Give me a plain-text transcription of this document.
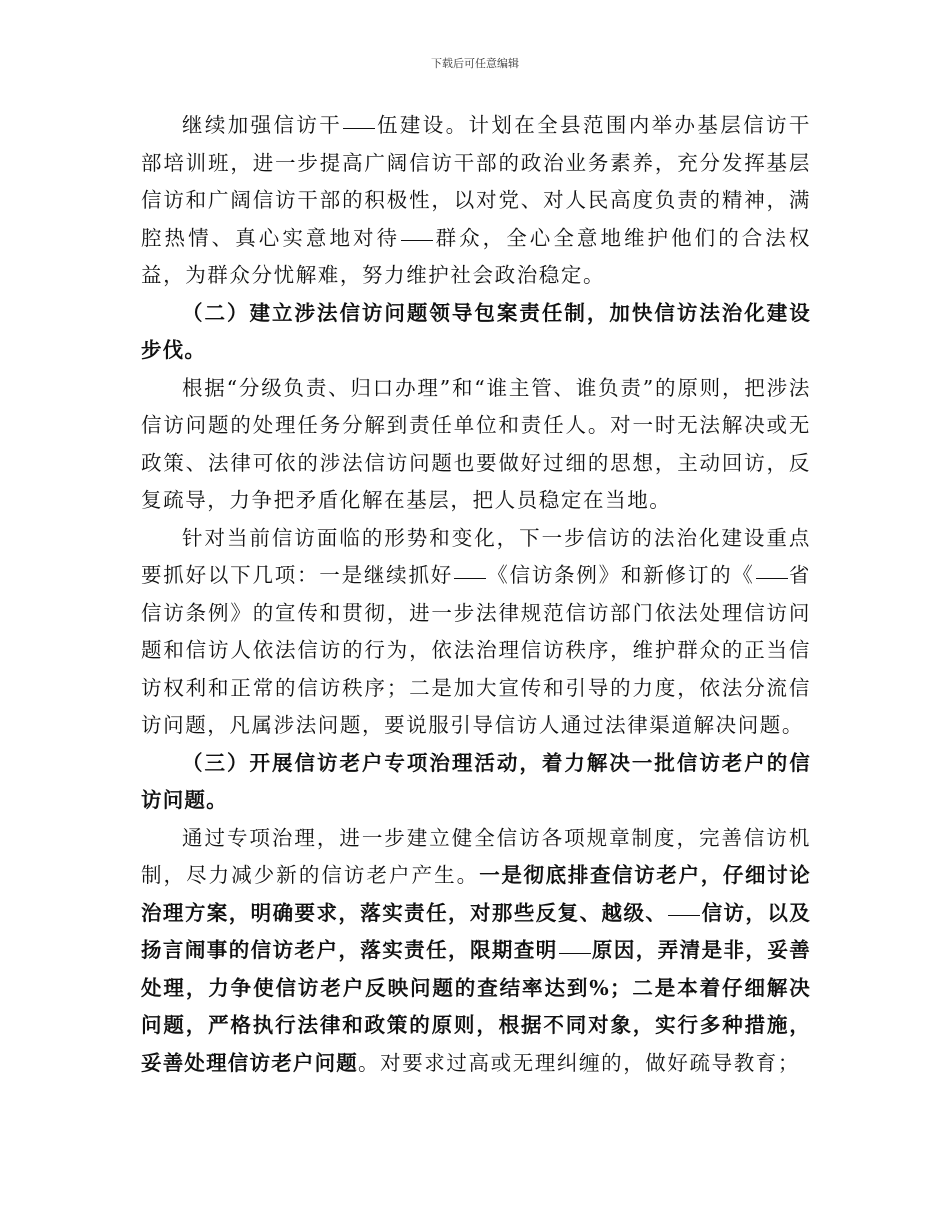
下载后可任意编辑

继续加强信访干 伍建设。计划在全县范围内举办基层信访干部培训班，进一步提高广阔信访干部的政治业务素养，充分发挥基层信访和广阔信访干部的积极性，以对党、对人民高度负责的精神，满腔热情、真心实意地对待 群众，全心全意地维护他们的合法权益，为群众分忧解难，努力维护社会政治稳定。

（二）建立涉法信访问题领导包案责任制，加快信访法治化建设步伐。

根据“分级负责、归口办理”和“谁主管、谁负责”的原则，把涉法信访问题的处理任务分解到责任单位和责任人。对一时无法解决或无政策、法律可依的涉法信访问题也要做好过细的思想，主动回访，反复疏导，力争把矛盾化解在基层，把人员稳定在当地。

针对当前信访面临的形势和变化，下一步信访的法治化建设重点要抓好以下几项：一是继续抓好 《信访条例》和新修订的《 省信访条例》的宣传和贯彻，进一步法律规范信访部门依法处理信访问题和信访人依法信访的行为，依法治理信访秩序，维护群众的正当信访权利和正常的信访秩序；二是加大宣传和引导的力度，依法分流信访问题，凡属涉法问题，要说服引导信访人通过法律渠道解决问题。

（三）开展信访老户专项治理活动，着力解决一批信访老户的信访问题。

通过专项治理，进一步建立健全信访各项规章制度，完善信访机制，尽力减少新的信访老户产生。一是彻底排查信访老户，仔细讨论治理方案，明确要求，落实责任，对那些反复、越级、 信访，以及扬言闹事的信访老户，落实责任，限期查明 原因，弄清是非，妥善处理，力争使信访老户反映问题的查结率达到%；二是本着仔细解决问题，严格执行法律和政策的原则，根据不同对象，实行多种措施，妥善处理信访老户问题。对要求过高或无理纠缠的，做好疏导教育；
